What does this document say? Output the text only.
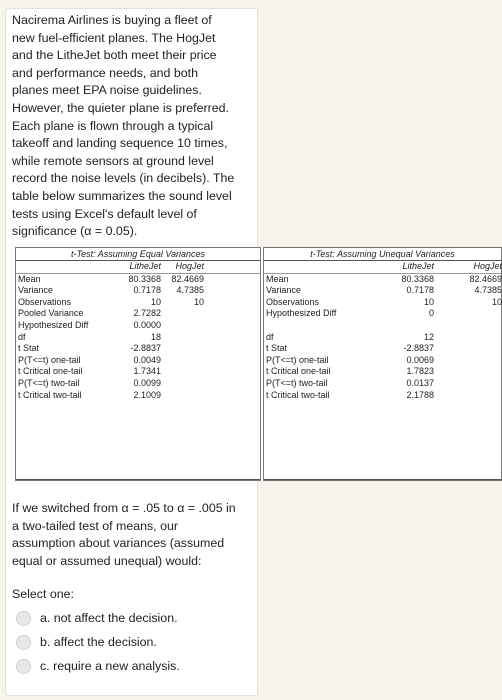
Nacirema Airlines is buying a fleet of new fuel-efficient planes. The HogJet and the LitheJet both meet their price and performance needs, and both planes meet EPA noise guidelines. However, the quieter plane is preferred. Each plane is flown through a typical takeoff and landing sequence 10 times, while remote sensors at ground level record the noise levels (in decibels). The table below summarizes the sound level tests using Excel's default level of significance (α = 0.05).
t-Test: Assuming Equal Variances
LitheJet	HogJet
Mean	80.3368	82.4669
Variance	0.7178	4.7385
Observations	10	10
Pooled Variance	2.7282
Hypothesized Diff	0.0000
df	18
t Stat	-2.8837
P(T<=t) one-tail	0.0049
t Critical one-tail	1.7341
P(T<=t) two-tail	0.0099
t Critical two-tail	2.1009
t-Test: Assuming Unequal Variances
LitheJet	HogJet
Mean	80.3368	82.4669
Variance	0.7178	4.7385
Observations	10	10
Hypothesized Diff	0
df	12
t Stat	-2.8837
P(T<=t) one-tail	0.0069
t Critical one-tail	1.7823
P(T<=t) two-tail	0.0137
t Critical two-tail	2.1788
If we switched from α = .05 to α = .005 in a two-tailed test of means, our assumption about variances (assumed equal or assumed unequal) would:
Select one:
a. not affect the decision.
b. affect the decision.
c. require a new analysis.
